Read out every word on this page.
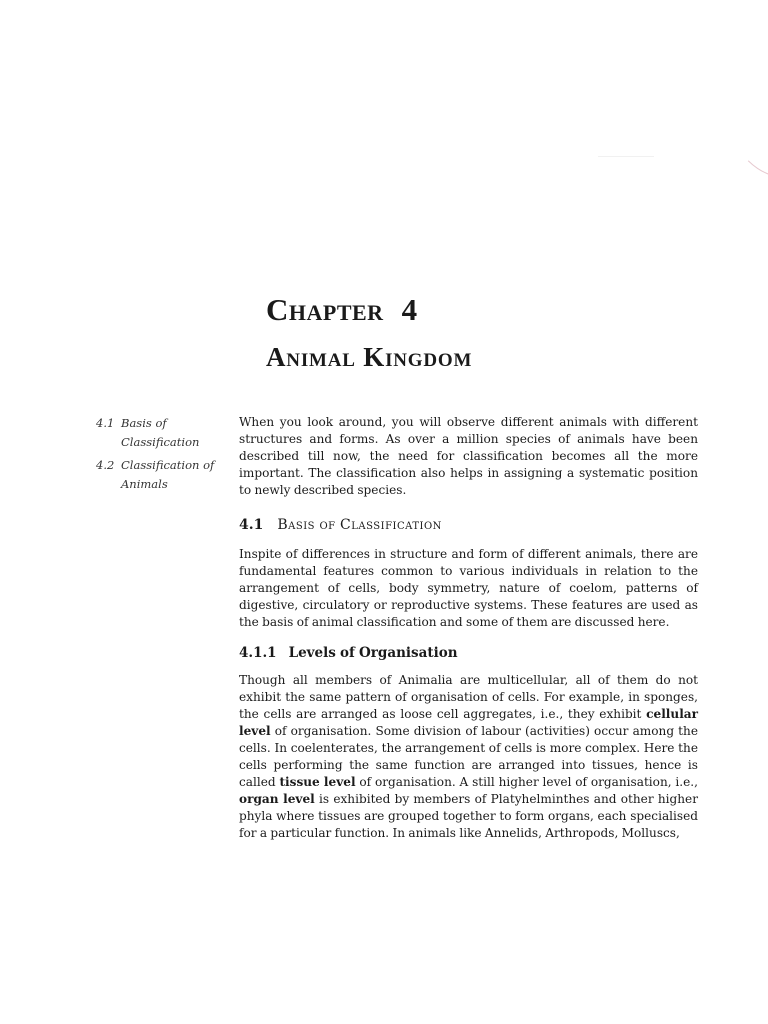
Chapter 4
Animal Kingdom
4.1 Basis of Classification
4.2 Classification of Animals

When you look around, you will observe different animals with different structures and forms. As over a million species of animals have been described till now, the need for classification becomes all the more important. The classification also helps in assigning a systematic position to newly described species.

4.1 Basis of Classification

Inspite of differences in structure and form of different animals, there are fundamental features common to various individuals in relation to the arrangement of cells, body symmetry, nature of coelom, patterns of digestive, circulatory or reproductive systems. These features are used as the basis of animal classification and some of them are discussed here.

4.1.1 Levels of Organisation

Though all members of Animalia are multicellular, all of them do not exhibit the same pattern of organisation of cells. For example, in sponges, the cells are arranged as loose cell aggregates, i.e., they exhibit cellular level of organisation. Some division of labour (activities) occur among the cells. In coelenterates, the arrangement of cells is more complex. Here the cells performing the same function are arranged into tissues, hence is called tissue level of organisation. A still higher level of organisation, i.e., organ level is exhibited by members of Platyhelminthes and other higher phyla where tissues are grouped together to form organs, each specialised for a particular function. In animals like Annelids, Arthropods, Molluscs,
